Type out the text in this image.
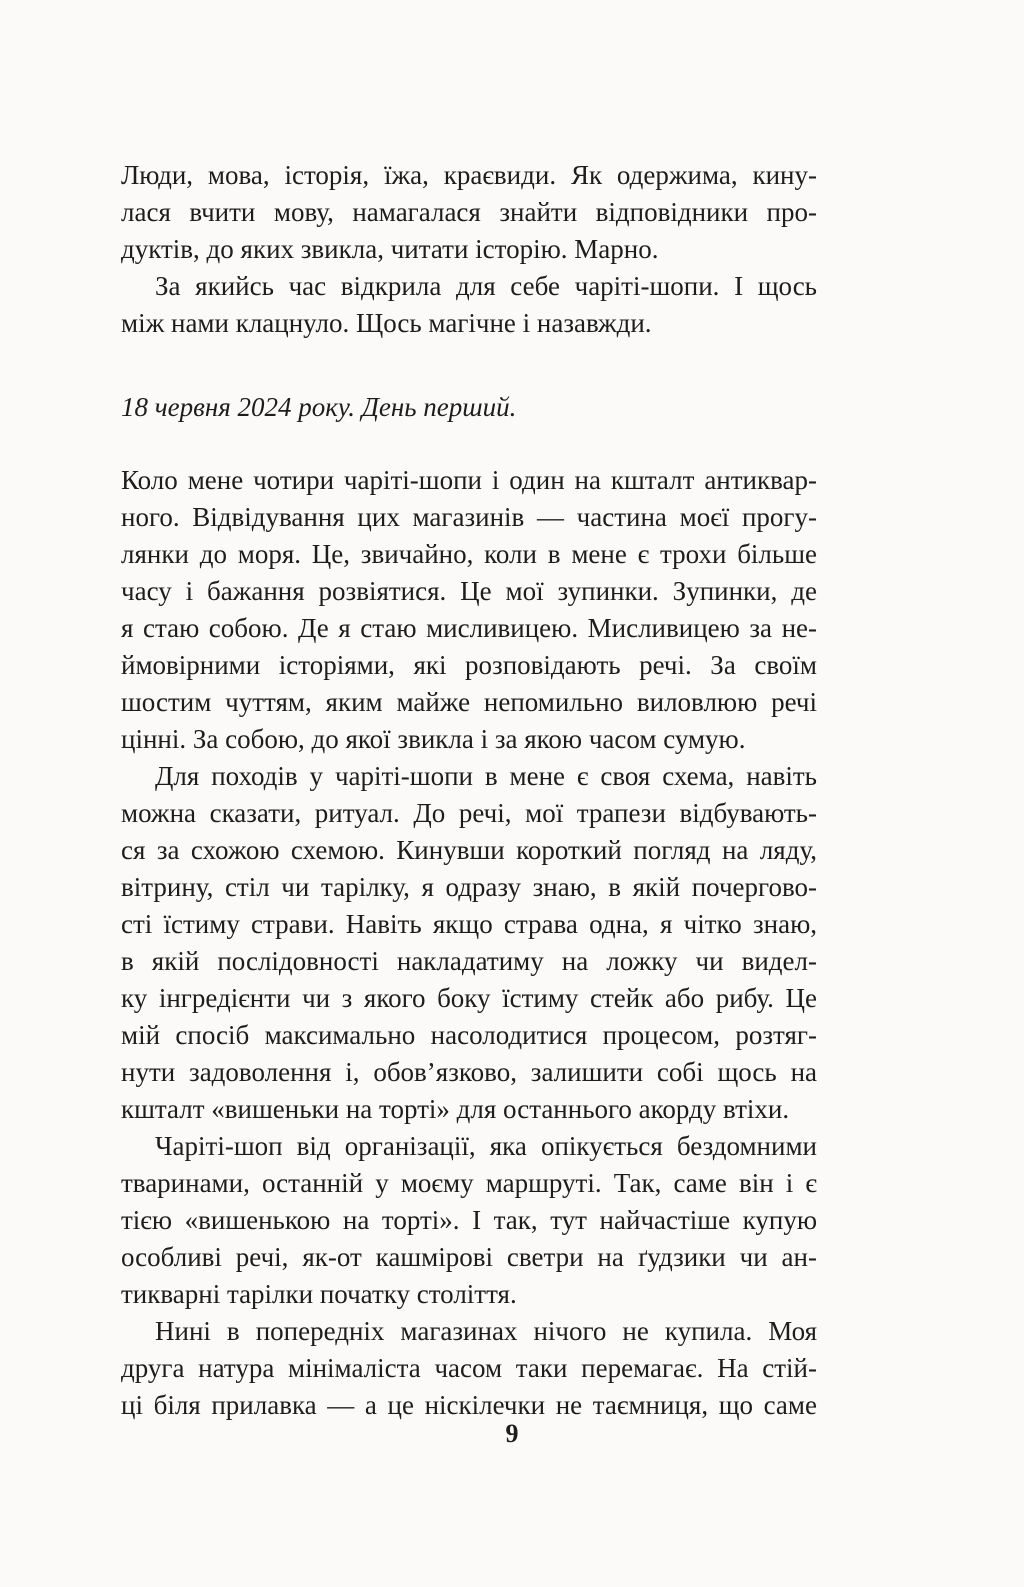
Люди, мова, історія, їжа, краєвиди. Як одержима, кину-
лася вчити мову, намагалася знайти відповідники про-
дуктів, до яких звикла, читати історію. Марно.
За якийсь час відкрила для себе чаріті-шопи. І щось
між нами клацнуло. Щось магічне і назавжди.
18 червня 2024 року. День перший.
Коло мене чотири чаріті-шопи і один на кшталт антиквар-
ного. Відвідування цих магазинів — частина моєї прогу-
лянки до моря. Це, звичайно, коли в мене є трохи більше
часу і бажання розвіятися. Це мої зупинки. Зупинки, де
я стаю собою. Де я стаю мисливицею. Мисливицею за не-
ймовірними історіями, які розповідають речі. За своїм
шостим чуттям, яким майже непомильно виловлюю речі
цінні. За собою, до якої звикла і за якою часом сумую.
Для походів у чаріті-шопи в мене є своя схема, навіть
можна сказати, ритуал. До речі, мої трапези відбувають-
ся за схожою схемою. Кинувши короткий погляд на ляду,
вітрину, стіл чи тарілку, я одразу знаю, в якій почергово-
сті їстиму страви. Навіть якщо страва одна, я чітко знаю,
в якій послідовності накладатиму на ложку чи видел-
ку інгредієнти чи з якого боку їстиму стейк або рибу. Це
мій спосіб максимально насолодитися процесом, розтяг-
нути задоволення і, обов’язково, залишити собі щось на
кшталт «вишеньки на торті» для останнього акорду втіхи.
Чаріті-шоп від організації, яка опікується бездомними
тваринами, останній у моєму маршруті. Так, саме він і є
тією «вишенькою на торті». І так, тут найчастіше купую
особливі речі, як-от кашмірові светри на ґудзики чи ан-
тикварні тарілки початку століття.
Нині в попередніх магазинах нічого не купила. Моя
друга натура мінімаліста часом таки перемагає. На стій-
ці біля прилавка — а це ніскілечки не таємниця, що саме
9
